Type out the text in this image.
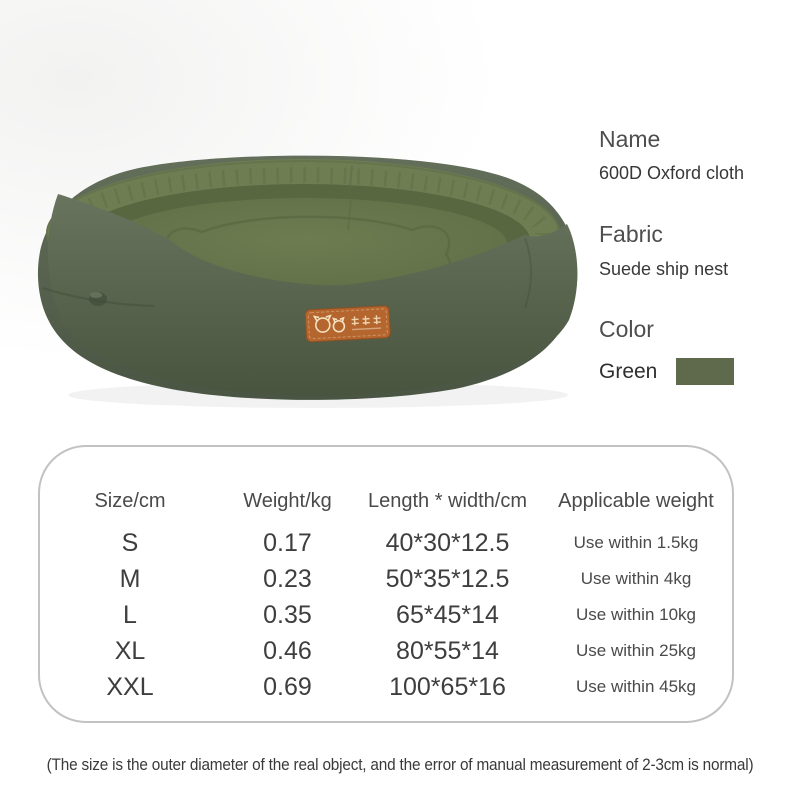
Name
600D Oxford cloth
Fabric
Suede ship nest
Color
Green
Size/cm	Weight/kg	Length * width/cm	Applicable weight
S	0.17	40*30*12.5	Use within 1.5kg
M	0.23	50*35*12.5	Use within 4kg
L	0.35	65*45*14	Use within 10kg
XL	0.46	80*55*14	Use within 25kg
XXL	0.69	100*65*16	Use within 45kg
(The size is the outer diameter of the real object, and the error of manual measurement of 2-3cm is normal)
